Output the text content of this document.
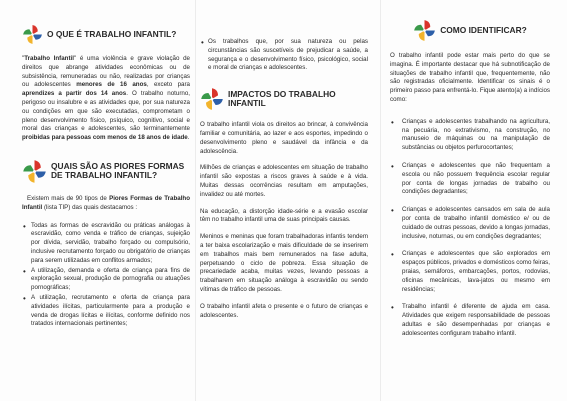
O QUE É TRABALHO INFANTIL?

"Trabalho Infantil" é uma violência e grave violação de direitos que abrange atividades econômicas ou de subsistência, remuneradas ou não, realizadas por crianças ou adolescentes menores de 16 anos, exceto para aprendizes a partir dos 14 anos. O trabalho noturno, perigoso ou insalubre e as atividades que, por sua natureza ou condições em que são executadas, comprometam o pleno desenvolvimento físico, psíquico, cognitivo, social e moral das crianças e adolescentes, são terminantemente proibidas para pessoas com menos de 18 anos de idade.

QUAIS SÃO AS PIORES FORMAS DE TRABALHO INFANTIL?

Existem mais de 90 tipos de Piores Formas de Trabalho Infantil (lista TIP) das quais destacamos :

• Todas as formas de escravidão ou práticas análogas à escravidão, como venda e tráfico de crianças, sujeição por dívida, servidão, trabalho forçado ou compulsório, inclusive recrutamento forçado ou obrigatório de crianças para serem utilizadas em conflitos armados;
• A utilização, demanda e oferta de criança para fins de exploração sexual, produção de pornografia ou atuações pornográficas;
• A utilização, recrutamento e oferta de criança para atividades ilícitas, particularmente para a produção e venda de drogas lícitas e ilícitas, conforme definido nos tratados internacionais pertinentes;
• Os trabalhos que, por sua natureza ou pelas circunstâncias são suscetíveis de prejudicar a saúde, a segurança e o desenvolvimento físico, psicológico, social e moral de crianças e adolescentes.
IMPACTOS DO TRABALHO INFANTIL

O trabalho infantil viola os direitos ao brincar, à convivência familiar e comunitária, ao lazer e aos esportes, impedindo o desenvolvimento pleno e saudável da infância e da adolescência.

Milhões de crianças e adolescentes em situação de trabalho infantil são expostas a riscos graves à saúde e à vida. Muitas dessas ocorrências resultam em amputações, invalidez ou até mortes.

Na educação, a distorção idade-série e a evasão escolar têm no trabalho infantil uma de suas principais causas.

Meninos e meninas que foram trabalhadoras infantis tendem a ter baixa escolarização e mais dificuldade de se inserirem em trabalhos mais bem remunerados na fase adulta, perpetuando o ciclo de pobreza. Essa situação de precariedade acaba, muitas vezes, levando pessoas a trabalharem em situação análoga à escravidão ou sendo vítimas de tráfico de pessoas.

O trabalho infantil afeta o presente e o futuro de crianças e adolescentes.

COMO IDENTIFICAR?

O trabalho infantil pode estar mais perto do que se imagina. É importante destacar que há subnotificação de situações de trabalho infantil que, frequentemente, não são registradas oficialmente. Identificar os sinais é o primeiro passo para enfrentá-lo. Fique atento(a) a indícios como:

• Crianças e adolescentes trabalhando na agricultura, na pecuária, no extrativismo, na construção, no manuseio de máquinas ou na manipulação de substâncias ou objetos perfurocortantes;
• Crianças e adolescentes que não frequentam a escola ou não possuem frequência escolar regular por conta de longas jornadas de trabalho ou condições degradantes;
• Crianças e adolescentes cansados em sala de aula por conta de trabalho infantil doméstico e/ ou de cuidado de outras pessoas, devido a longas jornadas, inclusive, noturnas, ou em condições degradantes;
• Crianças e adolescentes que são explorados em espaços públicos, privados e domésticos como feiras, praias, semáforos, embarcações, portos, rodovias, oficinas mecânicas, lava-jatos ou mesmo em residências;
• Trabalho infantil é diferente de ajuda em casa. Atividades que exigem responsabilidade de pessoas adultas e são desempenhadas por crianças e adolescentes configuram trabalho infantil.
